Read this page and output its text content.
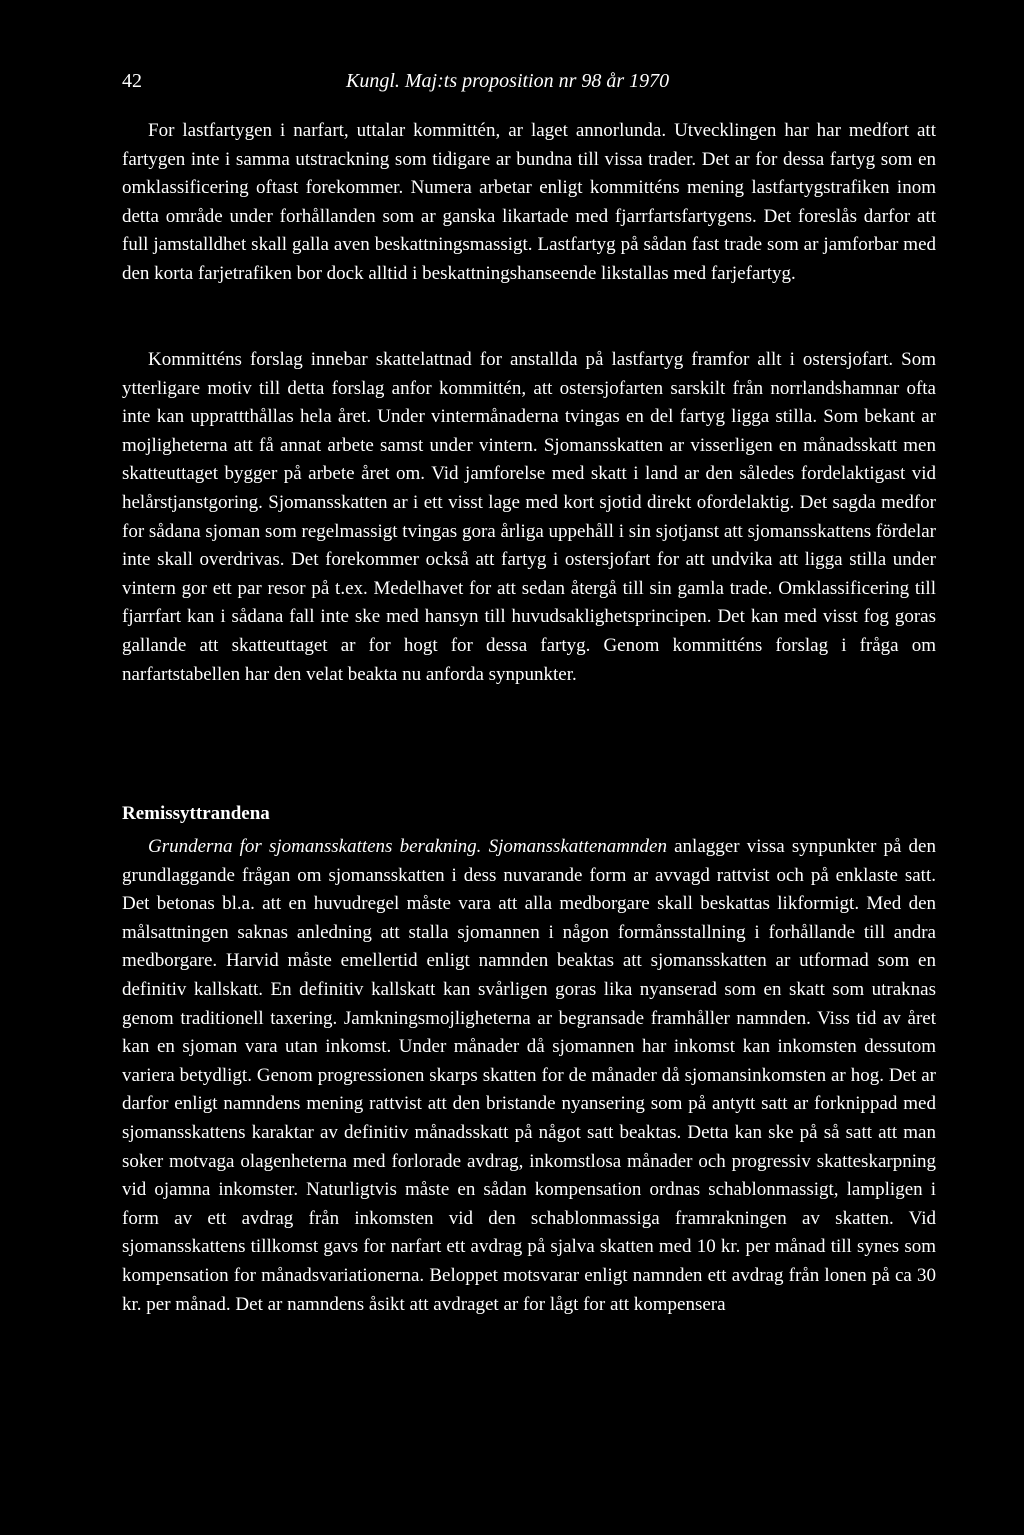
42	Kungl. Maj:ts proposition nr 98 år 1970

For lastfartygen i narfart, uttalar kommittén, ar laget annorlunda. Utvecklingen har har medfort att fartygen inte i samma utstrackning som tidigare ar bundna till vissa trader. Det ar for dessa fartyg som en omklassificering oftast forekommer. Numera arbetar enligt kommitténs mening lastfartygstrafiken inom detta område under forhållanden som ar ganska likartade med fjarrfartsfartygens. Det foreslås darfor att full jamstalldhet skall galla aven beskattningsmassigt. Lastfartyg på sådan fast trade som ar jamforbar med den korta farjetrafiken bor dock alltid i beskattningshanseende likstallas med farjefartyg.

Kommitténs forslag innebar skattelattnad for anstallda på lastfartyg framfor allt i ostersjofart. Som ytterligare motiv till detta forslag anfor kommittén, att ostersjofarten sarskilt från norrlandshamnar ofta inte kan upprattthållas hela året. Under vintermånaderna tvingas en del fartyg ligga stilla. Som bekant ar mojligheterna att få annat arbete samst under vintern. Sjomansskatten ar visserligen en månadsskatt men skatteuttaget bygger på arbete året om. Vid jamforelse med skatt i land ar den således fordelaktigast vid helårstjanstgoring. Sjomansskatten ar i ett visst lage med kort sjotid direkt ofordelaktig. Det sagda medfor for sådana sjoman som regelmassigt tvingas gora årliga uppehåll i sin sjotjanst att sjomansskattens fördelar inte skall overdrivas. Det forekommer också att fartyg i ostersjofart for att undvika att ligga stilla under vintern gor ett par resor på t.ex. Medelhavet for att sedan återgå till sin gamla trade. Omklassificering till fjarrfart kan i sådana fall inte ske med hansyn till huvudsaklighetsprincipen. Det kan med visst fog goras gallande att skatteuttaget ar for hogt for dessa fartyg. Genom kommitténs forslag i fråga om narfartstabellen har den velat beakta nu anforda synpunkter.

Remissyttrandena

Grunderna for sjomansskattens berakning. Sjomansskattenamnden anlagger vissa synpunkter på den grundlaggande frågan om sjomansskatten i dess nuvarande form ar avvagd rattvist och på enklaste satt. Det betonas bl.a. att en huvudregel måste vara att alla medborgare skall beskattas likformigt. Med den målsattningen saknas anledning att stalla sjomannen i någon formånsstallning i forhållande till andra medborgare. Harvid måste emellertid enligt namnden beaktas att sjomansskatten ar utformad som en definitiv kallskatt. En definitiv kallskatt kan svårligen goras lika nyanserad som en skatt som utraknas genom traditionell taxering. Jamkningsmojligheterna ar begransade framhåller namnden. Viss tid av året kan en sjoman vara utan inkomst. Under månader då sjomannen har inkomst kan inkomsten dessutom variera betydligt. Genom progressionen skarps skatten for de månader då sjomansinkomsten ar hog. Det ar darfor enligt namndens mening rattvist att den bristande nyansering som på antytt satt ar forknippad med sjomansskattens karaktar av definitiv månadsskatt på något satt beaktas. Detta kan ske på så satt att man soker motvaga olagenheterna med forlorade avdrag, inkomstlosa månader och progressiv skatteskarpning vid ojamna inkomster. Naturligtvis måste en sådan kompensation ordnas schablonmassigt, lampligen i form av ett avdrag från inkomsten vid den schablonmassiga framrakningen av skatten. Vid sjomansskattens tillkomst gavs for narfart ett avdrag på sjalva skatten med 10 kr. per månad till synes som kompensation for månadsvariationerna. Beloppet motsvarar enligt namnden ett avdrag från lonen på ca 30 kr. per månad. Det ar namndens åsikt att avdraget ar for lågt for att kompensera
